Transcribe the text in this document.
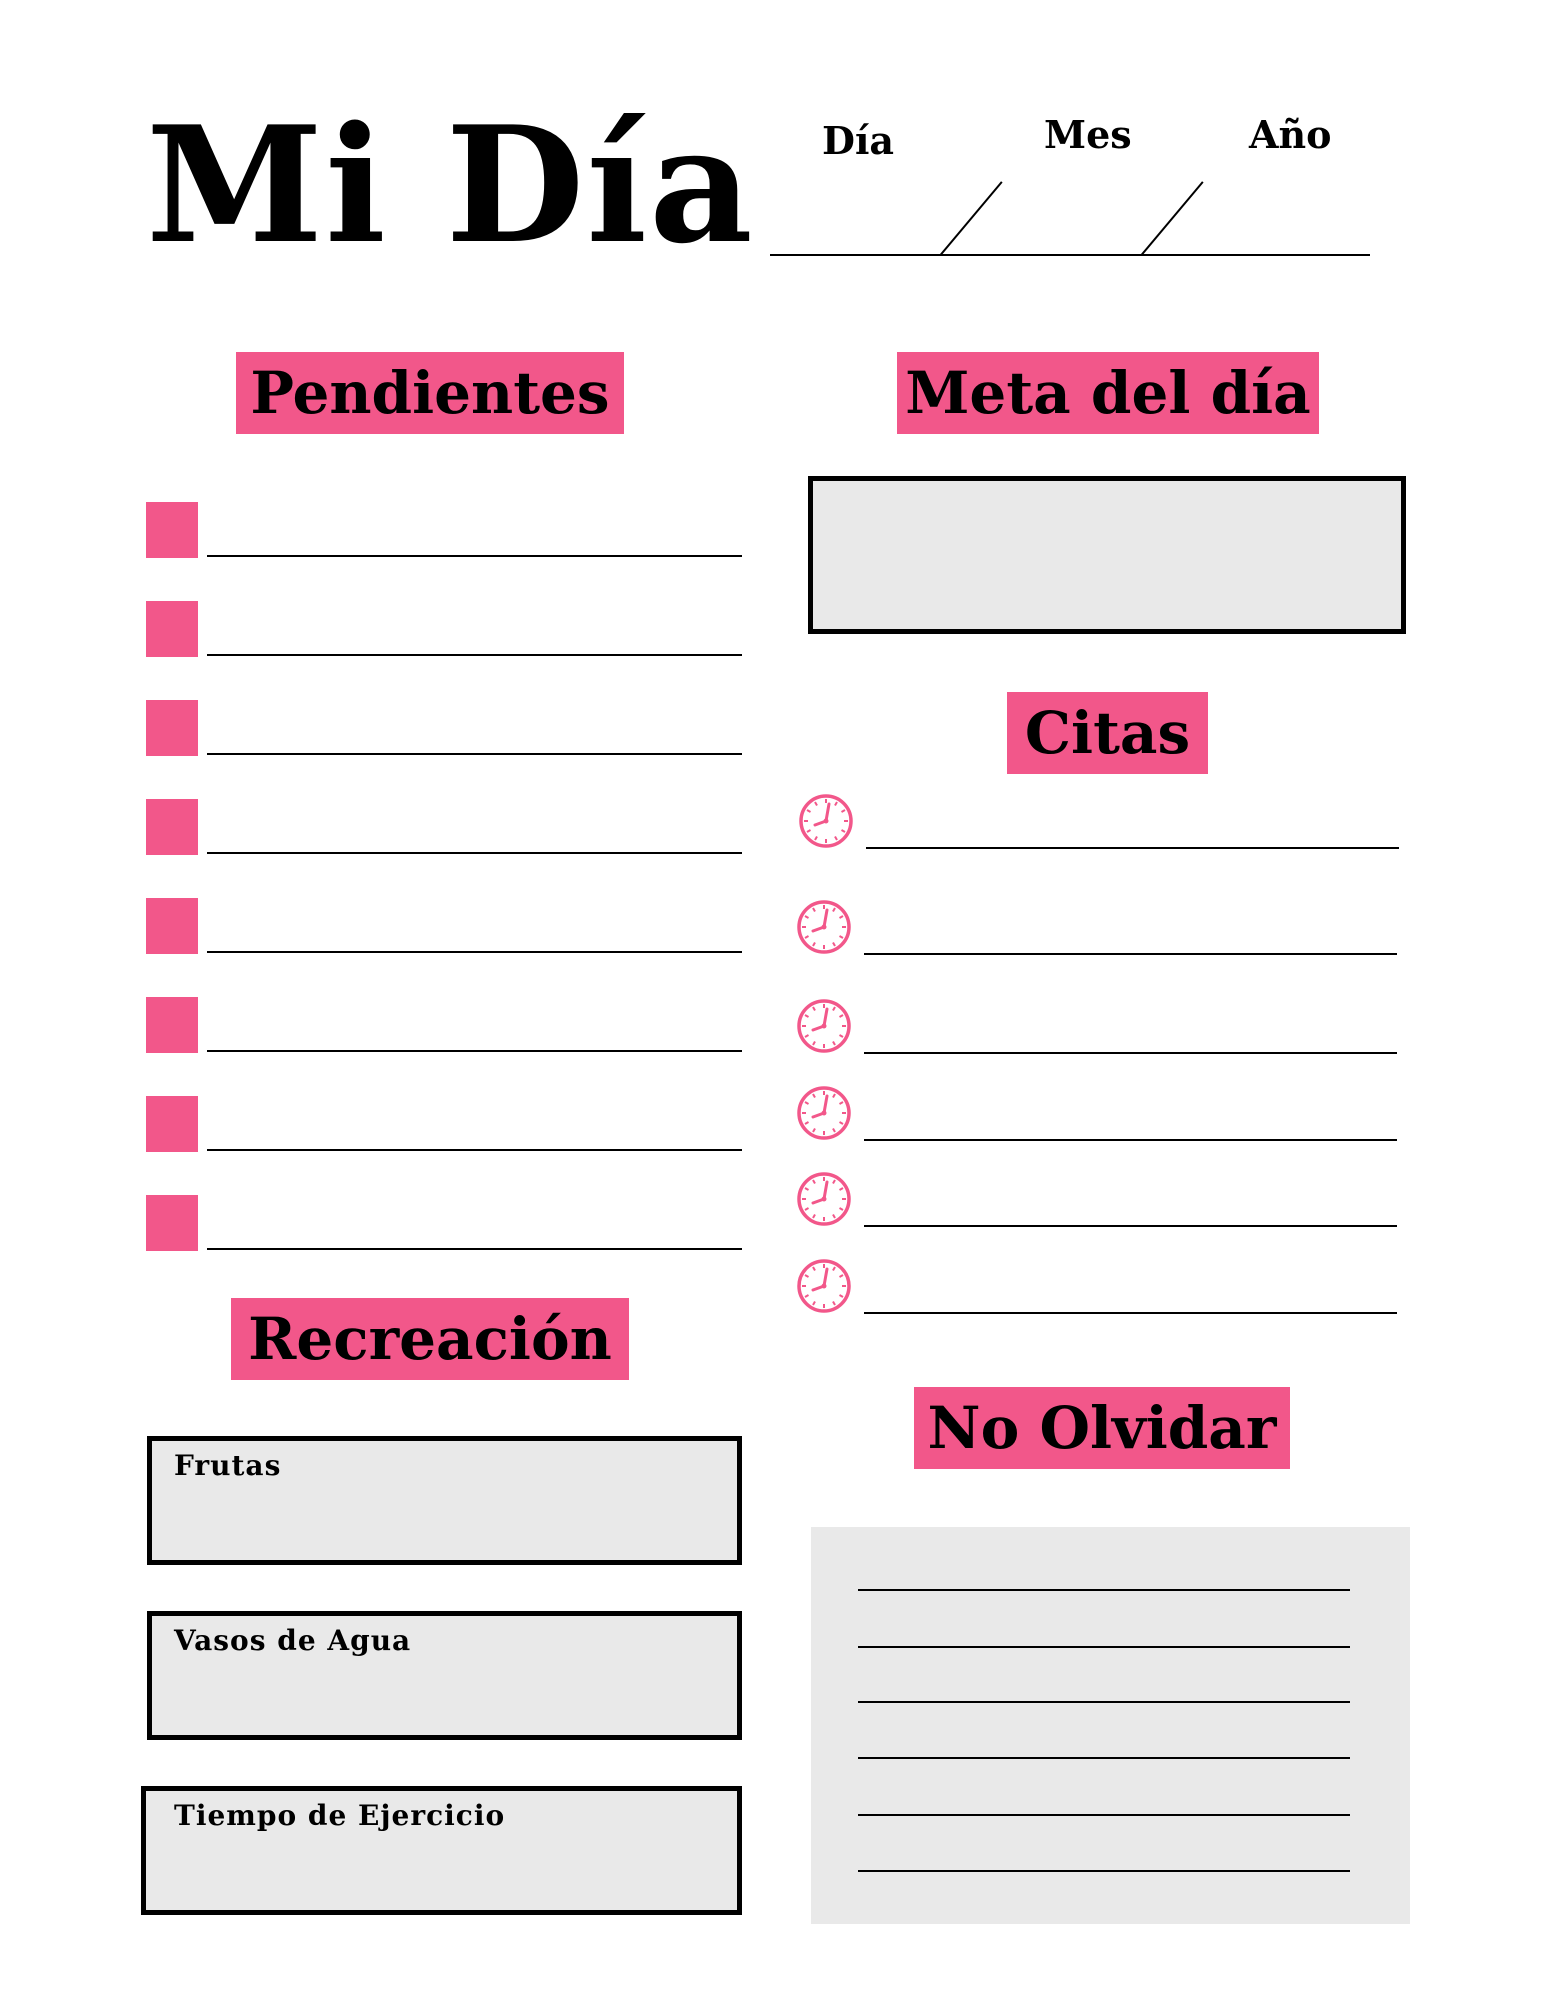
Mi Día Día	Mes	Año
Pendientes	Meta del día
Citas
Recreación
Frutas
Vasos de Agua
Tiempo de Ejercicio
No Olvidar
